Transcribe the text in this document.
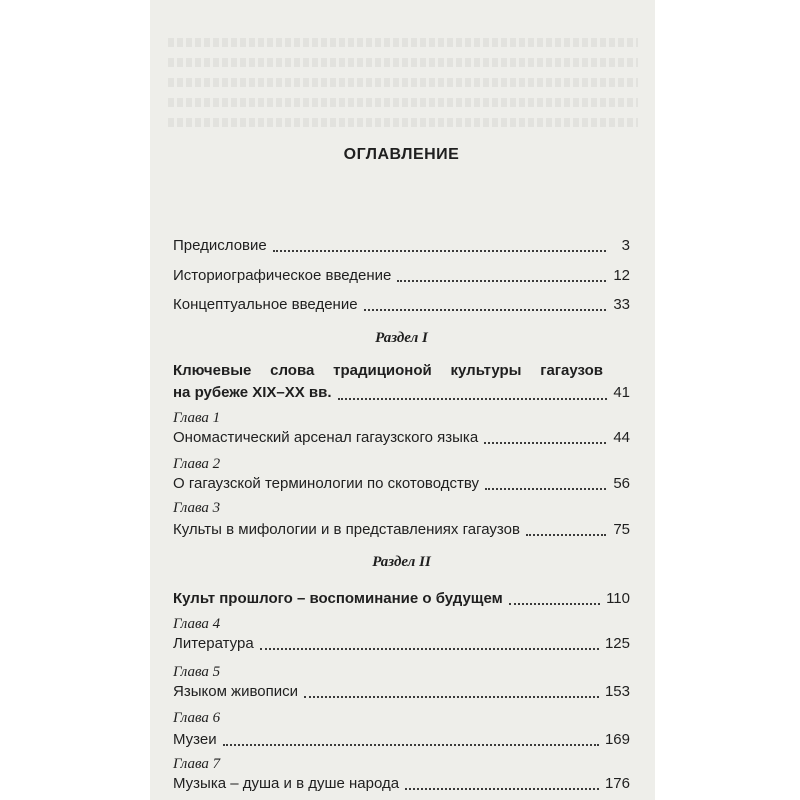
ОГЛАВЛЕНИЕ
Предисловие	3
Историографическое введение	12
Концептуальное введение	33
Раздел I
Ключевые слова традиционой культуры гагаузов
на рубеже XIX–XX вв.	41
Глава 1
Ономастический арсенал гагаузского языка	44
Глава 2
О гагаузской терминологии по скотоводству	56
Глава 3
Культы в мифологии и в представлениях гагаузов	75
Раздел II
Культ прошлого – воспоминание о будущем	110
Глава 4
Литература	125
Глава 5
Языком живописи	153
Глава 6
Музеи	169
Глава 7
Музыка – душа и в душе народа	176
